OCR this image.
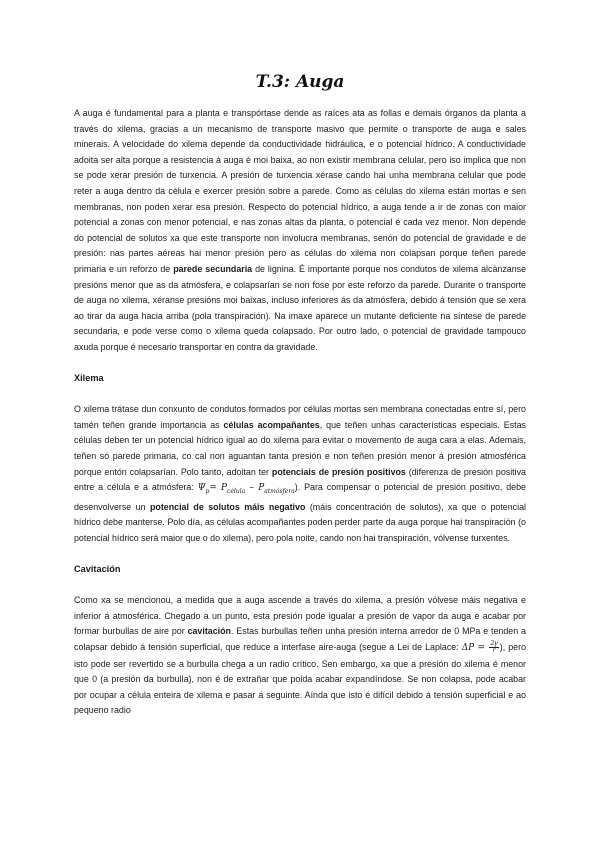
T.3: Auga

A auga é fundamental para a planta e transpórtase dende as raíces ata as follas e demais órganos da planta a través do xilema, gracias a un mecanismo de transporte masivo que permite o transporte de auga e sales minerais. A velocidade do xilema depende da conductividade hidráulica, e o potencial hídrico. A conductividade adoita ser alta porque a resistencia á auga é moi baixa, ao non existir membrana celular, pero iso implica que non se pode xerar presión de turxencia. A presión de turxencia xérase cando hai unha membrana celular que pode reter a auga dentro da célula e exercer presión sobre a parede. Como as células do xilema están mortas e sen membranas, non poden xerar esa presión. Respecto do potencial hídrico, a auga tende a ir de zonas con maior potencial a zonas con menor potencial, e nas zonas altas da planta, o potencial é cada vez menor. Non depende do potencial de solutos xa que este transporte non involucra membranas, senón do potencial de gravidade e de presión: nas partes aéreas hai menor presión pero as células do xilema non colapsan porque teñen parede primaria e un reforzo de parede secundaria de lignina. É importante porque nos condutos de xilema alcánzanse presións menor que as da atmósfera, e colapsarían se non fose por este reforzo da parede. Durante o transporte de auga no xilema, xéranse presións moi baixas, incluso inferiores ás da atmósfera, debido á tensión que se xera ao tirar da auga hacia arriba (pola transpiración). Na imaxe aparece un mutante deficiente na síntese de parede secundaria, e pode verse como o xilema queda colapsado. Por outro lado, o potencial de gravidade tampouco axuda porque é necesario transportar en contra da gravidade.

Xilema

O xilema trátase dun conxunto de condutos formados por células mortas sen membrana conectadas entre sí, pero tamén teñen grande importancia as células acompañantes, que teñen unhas características especiais. Estas células deben ter un potencial hídrico igual ao do xilema para evitar o movemento de auga cara a elas. Ademais, teñen só parede primaria, co cal non aguantan tanta presión e non teñen presión menor á presión atmosférica porque entón colapsarían. Polo tanto, adoitan ter potenciais de presión positivos (diferenza de presión positiva entre a célula e a atmósfera: $\Psi_p= P_{célula} - P_{atmósfera}$). Para compensar o potencial de presión positivo, debe desenvolverse un potencial de solutos máis negativo (máis concentración de solutos), xa que o potencial hídrico debe manterse. Polo día, as células acompañantes poden perder parte da auga porque hai transpiración (o potencial hídrico será maior que o do xilema), pero pola noite, cando non hai transpiración, vólvense turxentes.

Cavitación

Como xa se mencionou, a medida que a auga ascende a través do xilema, a presión vólvese máis negativa e inferior á atmosférica. Chegado a un punto, esta presión pode igualar a presión de vapor da auga e acabar por formar burbullas de aire por cavitación. Estas burbullas teñen unha presión interna arredor de 0 MPa e tenden a colapsar debido á tensión superficial, que reduce a interfase aire-auga (segue a Lei de Laplace: $\Delta P = \frac{2\gamma}{r}$ ), pero isto pode ser revertido se a burbulla chega a un radio crítico. Sen embargo, xa que a presión do xilema é menor que 0 (a presión da burbulla), non é de extrañar que poida acabar expandíndose. Se non colapsa, pode acabar por ocupar a célula enteira de xilema e pasar á seguinte. Aínda que isto é difícil debido á tensión superficial e ao pequeno radio
